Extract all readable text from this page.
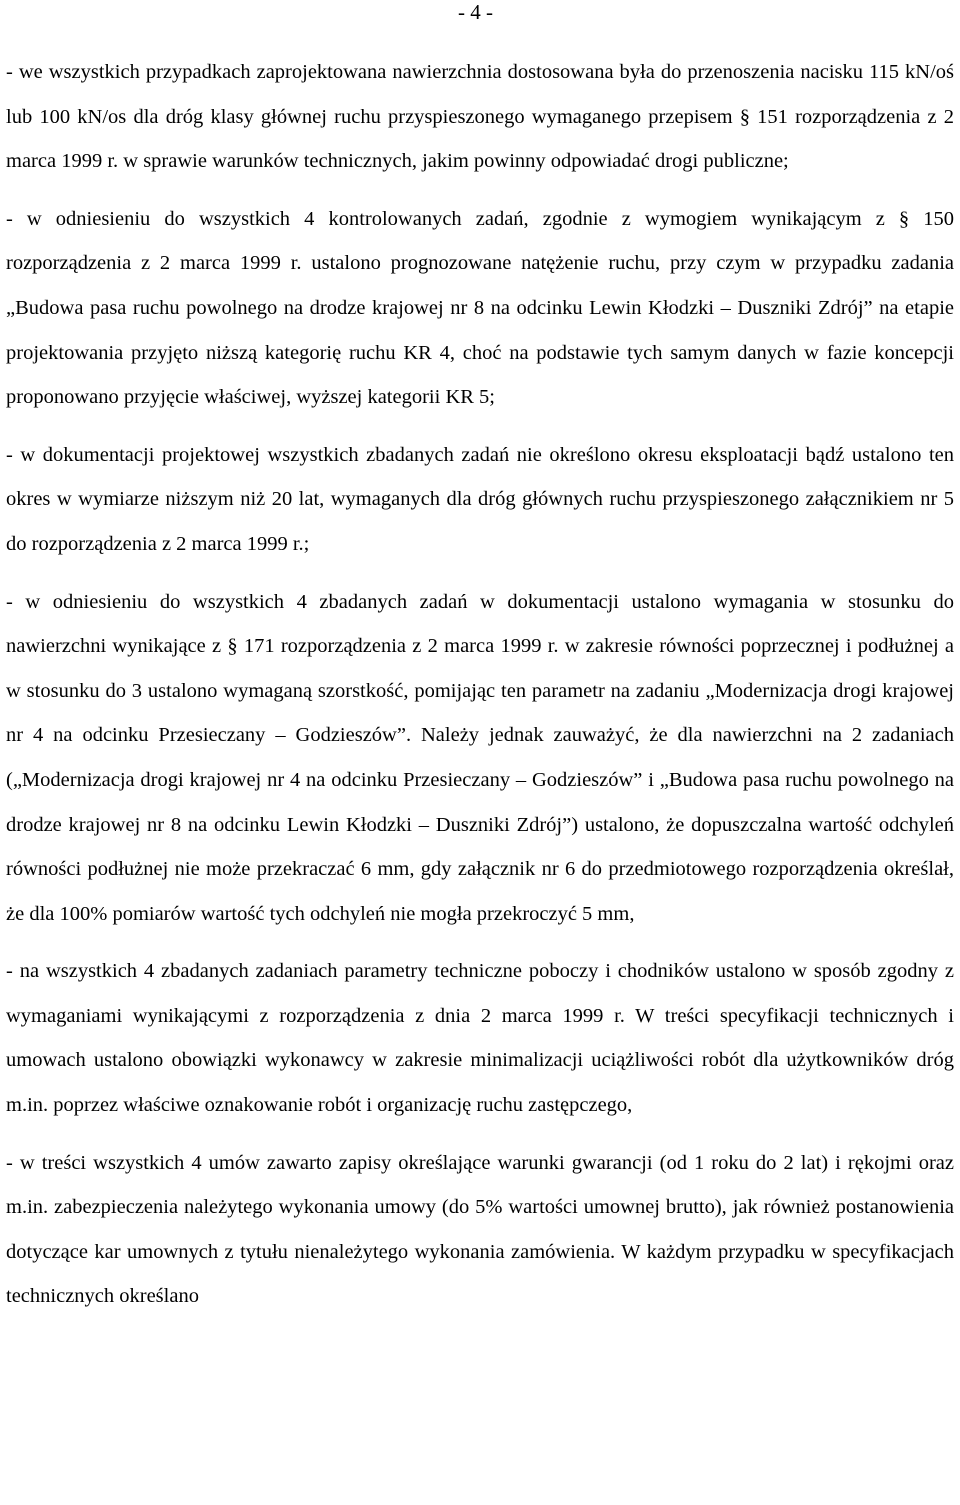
- 4 -

- we wszystkich przypadkach zaprojektowana nawierzchnia dostosowana była do przenoszenia nacisku 115 kN/oś lub 100 kN/os dla dróg klasy głównej ruchu przyspieszonego wymaganego przepisem § 151 rozporządzenia z 2 marca 1999 r. w sprawie warunków technicznych, jakim powinny odpowiadać drogi publiczne;

- w odniesieniu do wszystkich 4 kontrolowanych zadań, zgodnie z wymogiem wynikającym z § 150 rozporządzenia z 2 marca 1999 r. ustalono prognozowane natężenie ruchu, przy czym w przypadku zadania „Budowa pasa ruchu powolnego na drodze krajowej nr 8 na odcinku Lewin Kłodzki – Duszniki Zdrój” na etapie projektowania przyjęto niższą kategorię ruchu KR 4, choć na podstawie tych samym danych w fazie koncepcji proponowano przyjęcie właściwej, wyższej kategorii KR 5;

- w dokumentacji projektowej wszystkich zbadanych zadań nie określono okresu eksploatacji bądź ustalono ten okres w wymiarze niższym niż 20 lat, wymaganych dla dróg głównych ruchu przyspieszonego załącznikiem nr 5 do rozporządzenia z 2 marca 1999 r.;

- w odniesieniu do wszystkich 4 zbadanych zadań w dokumentacji ustalono wymagania w stosunku do nawierzchni wynikające z § 171 rozporządzenia z 2 marca 1999 r. w zakresie równości poprzecznej i podłużnej a w stosunku do 3 ustalono wymaganą szorstkość, pomijając ten parametr na zadaniu „Modernizacja drogi krajowej nr 4 na odcinku Przesieczany – Godzieszów”. Należy jednak zauważyć, że dla nawierzchni na 2 zadaniach („Modernizacja drogi krajowej nr 4 na odcinku Przesieczany – Godzieszów” i „Budowa pasa ruchu powolnego na drodze krajowej nr 8 na odcinku Lewin Kłodzki – Duszniki Zdrój”) ustalono, że dopuszczalna wartość odchyleń równości podłużnej nie może przekraczać 6 mm, gdy załącznik nr 6 do przedmiotowego rozporządzenia określał, że dla 100% pomiarów wartość tych odchyleń nie mogła przekroczyć 5 mm,

- na wszystkich 4 zbadanych zadaniach parametry techniczne poboczy i chodników ustalono w sposób zgodny z wymaganiami wynikającymi z rozporządzenia z dnia 2 marca 1999 r. W treści specyfikacji technicznych i umowach ustalono obowiązki wykonawcy w zakresie minimalizacji uciążliwości robót dla użytkowników dróg m.in. poprzez właściwe oznakowanie robót i organizację ruchu zastępczego,

- w treści wszystkich 4 umów zawarto zapisy określające warunki gwarancji (od 1 roku do 2 lat) i rękojmi oraz m.in. zabezpieczenia należytego wykonania umowy (do 5% wartości umownej brutto), jak również postanowienia dotyczące kar umownych z tytułu nienależytego wykonania zamówienia. W każdym przypadku w specyfikacjach technicznych określano
